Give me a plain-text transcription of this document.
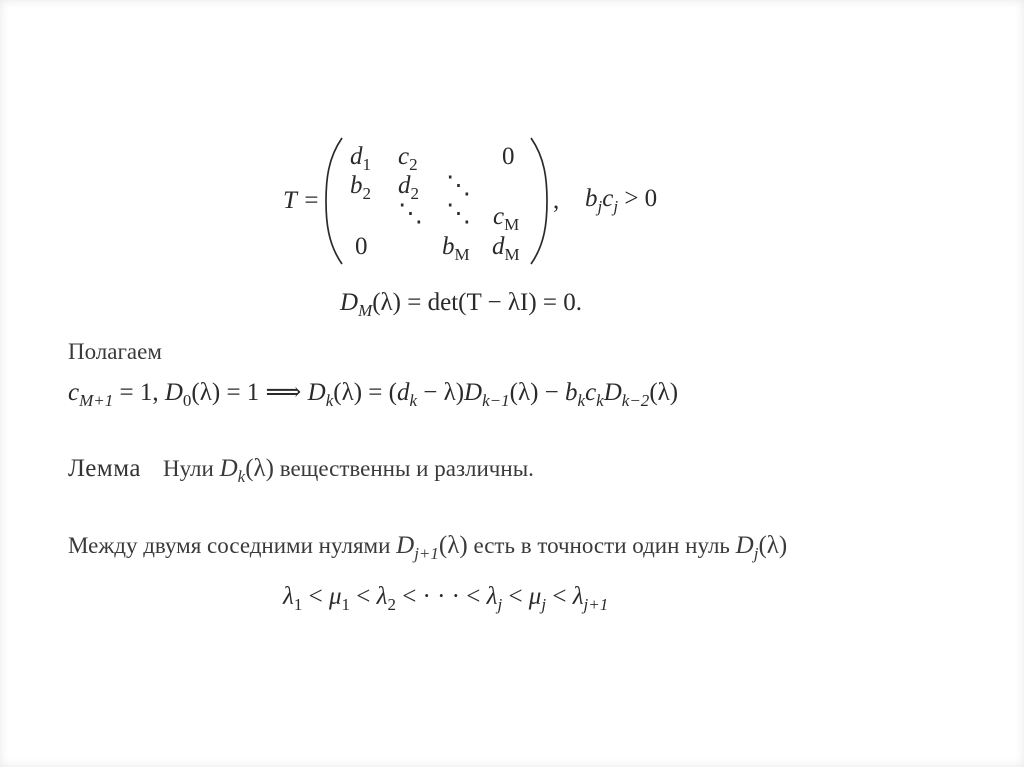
T =
$d_1$ $c_2$	0
$b_2$ $d_2$ ⋱
⋱ ⋱ $c_M$
0	$b_M$ $d_M$
, $b_jc_j > 0$
$D_M(\lambda) = \det(T - \lambda I) = 0$.
Полагаем
$c_{M+1} = 1$, $D_0(\lambda) = 1$ ⟹ $D_k(\lambda) = (d_k - \lambda)D_{k-1}(\lambda) - b_kc_kD_{k-2}(\lambda)$
Лемма Нули $D_k(\lambda)$ вещественны и различны.
Между двумя соседними нулями $D_{j+1}(\lambda)$ есть в точности один нуль $D_j(\lambda)$
$\lambda_1 < \mu_1 < \lambda_2$ < · · · < $\lambda_j < \mu_j < \lambda_{j+1}$
